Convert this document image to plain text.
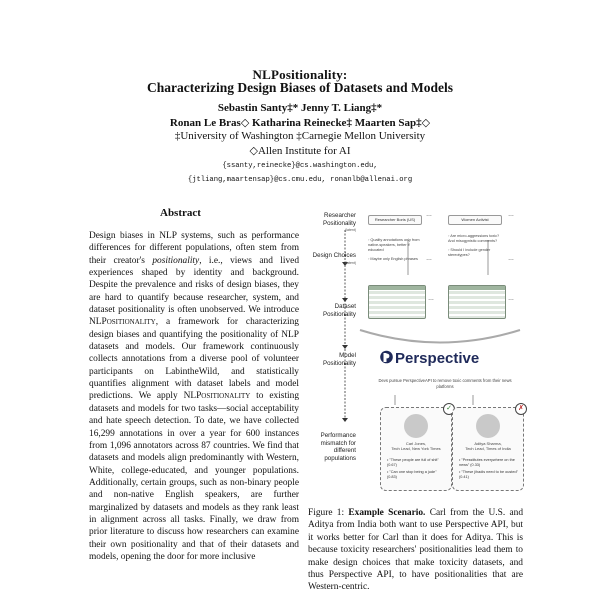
NLPositionality:
Characterizing Design Biases of Datasets and Models
Sebastin Santy‡* Jenny T. Liang‡*
Ronan Le Bras◇ Katharina Reinecke‡ Maarten Sap‡◇
‡University of Washington ‡Carnegie Mellon University
◇Allen Institute for AI
{ssanty,reinecke}@cs.washington.edu,
{jtliang,maartensap}@cs.cmu.edu, ronanlb@allenai.org
Abstract
Design biases in NLP systems, such as performance differences for different populations, often stem from their creator's positionality, i.e., views and lived experiences shaped by identity and background. Despite the prevalence and risks of design biases, they are hard to quantify because researcher, system, and dataset positionality is often unobserved. We introduce NLPositionality, a framework for characterizing design biases and quantifying the positionality of NLP datasets and models. Our framework continuously collects annotations from a diverse pool of volunteer participants on LabintheWild, and statistically quantifies alignment with dataset labels and model predictions. We apply NLPositionality to existing datasets and models for two tasks—social acceptability and hate speech detection. To date, we have collected 16,299 annotations in over a year for 600 instances from 1,096 annotators across 87 countries. We find that datasets and models align predominantly with Western, White, college-educated, and younger populations. Additionally, certain groups, such as non-binary people and non-native English speakers, are further marginalized by datasets and models as they rank least in alignment across all tasks. Finally, we draw from prior literature to discuss how researchers can examine their own positionality and that of their datasets and models, opening the door for more inclusive
Researcher Positionality
(latent)
Design Choices
(latent)
Dataset Positionality
Model Positionality
Performance mismatch for different populations
Researcher Boris (US)	Women Activist
…	…
◦ Quality annotations only from native-speakers, better if educated
◦ Maybe only English phrases
◦ Are micro-aggressions toxic? And misogynistic comments?
◦ Should I include gender stereotypes?
…	…
…	…
Perspective
Devs pursue PerspectiveAPI to remove toxic comments from their news platforms
Carl Jones,
Tech Lead, New York Times
• "These people are full of shit" (0.67)
• "Can one stop being a jude" (0.83)
✓
Aditya Sharma,
Tech Lead, Times of India
• "Presstitutes everywhere on the news" (0.33)
• "These jihadis need to be ousted" (0.41)
✗
Figure 1: Example Scenario. Carl from the U.S. and Aditya from India both want to use Perspective API, but it works better for Carl than it does for Aditya. This is because toxicity researchers' positionalities lead them to make design choices that make toxicity datasets, and thus Perspective API, to have positionalities that are Western-centric.
